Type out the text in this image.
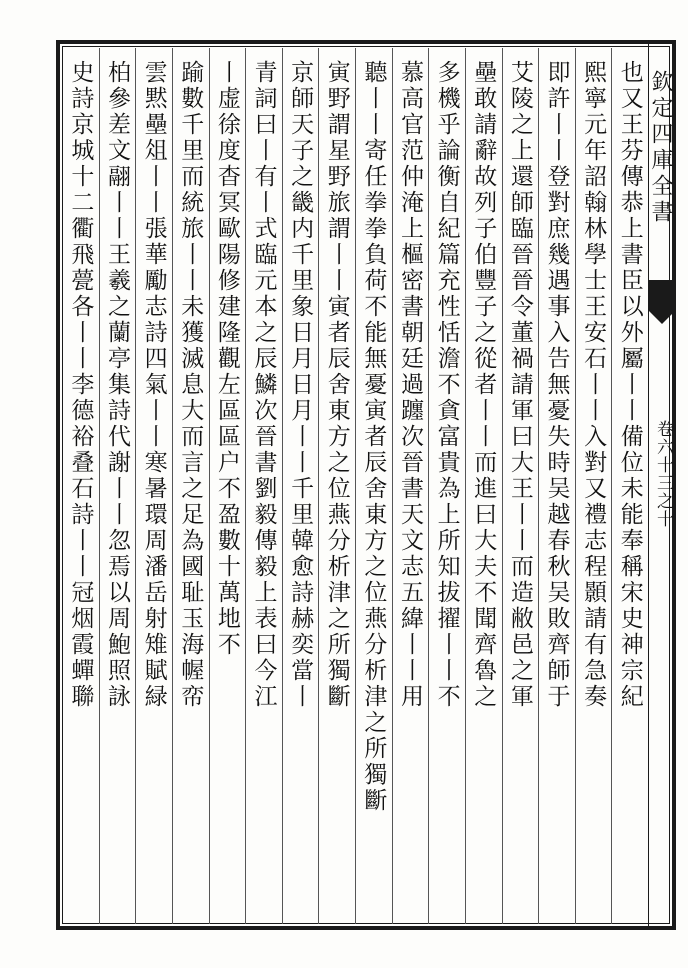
欽定四庫全書
卷六十三之十
也又王芬傳恭上書臣以外屬丨丨備位未能奉稱宋史神宗紀
熙寧元年詔翰林學士王安石丨丨入對又禮志程顥請有急奏
即許丨丨登對庶幾遇事入告無憂失時吴越春秋吴敗齊師于
艾陵之上還師臨晉晉令董禍請軍曰大王丨丨而造敝邑之軍
壘敢請辭故列子伯豐子之從者丨丨而進曰大夫不聞齊魯之
多機乎論衡自紀篇充性恬澹不貪富貴為上所知拔擢丨丨不
慕高官范仲淹上樞密書朝廷過躔次晉書天文志五緯丨丨用
聽丨丨寄任拳拳負荷不能無憂寅者辰舍東方之位燕分析津之所獨斷
寅野謂星野旅謂丨丨寅者辰舍東方之位燕分析津之所獨斷
京師天子之畿内千里象日月日月丨丨千里韓愈詩赫奕當丨
青詞曰丨有丨式臨元本之辰鱗次晉書劉毅傳毅上表曰今江
丨虚徐度杳冥歐陽修建隆觀左區區户不盈數十萬地不
踰數千里而統旅丨丨未獲滅息大而言之足為國耻玉海幄帟
雲黙壘俎丨丨張華勵志詩四氣丨丨寒暑環周潘岳射雉賦緑
柏參差文翮丨丨王羲之蘭亭集詩代謝丨丨忽焉以周鮑照詠
史詩京城十二衢飛甍各丨丨李德裕叠石詩丨丨冠烟霞蟬聯
